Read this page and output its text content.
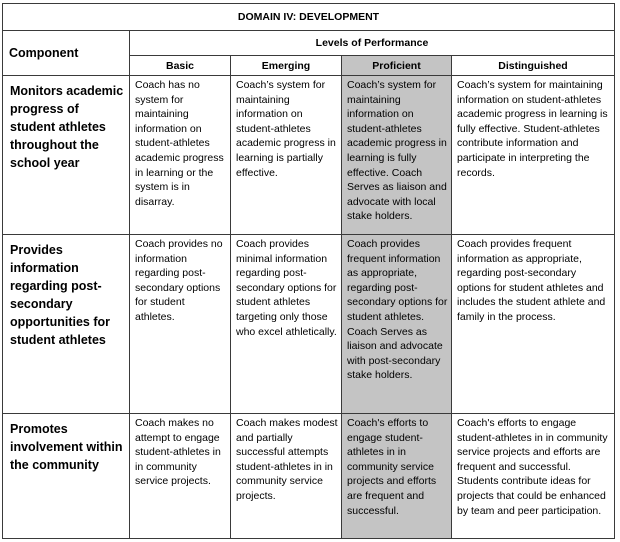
DOMAIN IV: DEVELOPMENT				
Component	Levels of Performance			
	Basic	Emerging	Proficient	Distinguished
Monitors academic progress of student athletes throughout the school year	Coach has no system for maintaining information on student-athletes academic progress in learning or the system is in disarray.	Coach’s system for maintaining information on student-athletes academic progress in learning is partially effective.	Coach’s system for maintaining information on student-athletes academic progress in learning is fully effective. Coach Serves as liaison and advocate with local stake holders.	Coach’s system for maintaining information on student-athletes academic progress in learning is fully effective. Student-athletes contribute information and participate in interpreting the records.
Provides information regarding post-secondary opportunities for student athletes	Coach provides no information regarding post-secondary options for student athletes.	Coach provides minimal information regarding post-secondary options for student athletes targeting only those who excel athletically.	Coach provides frequent information as appropriate, regarding post-secondary options for student athletes. Coach Serves as liaison and advocate with post-secondary stake holders.	Coach provides frequent information as appropriate, regarding post-secondary options for student athletes and includes the student athlete and family in the process.
Promotes involvement within the community	Coach makes no attempt to engage student-athletes in in community service projects.	Coach makes modest and partially successful attempts student-athletes in in community service projects.	Coach's efforts to engage student-athletes in in community service projects and efforts are frequent and successful.	Coach's efforts to engage student-athletes in in community service projects and efforts are frequent and successful. Students contribute ideas for projects that could be enhanced by team and peer participation.
